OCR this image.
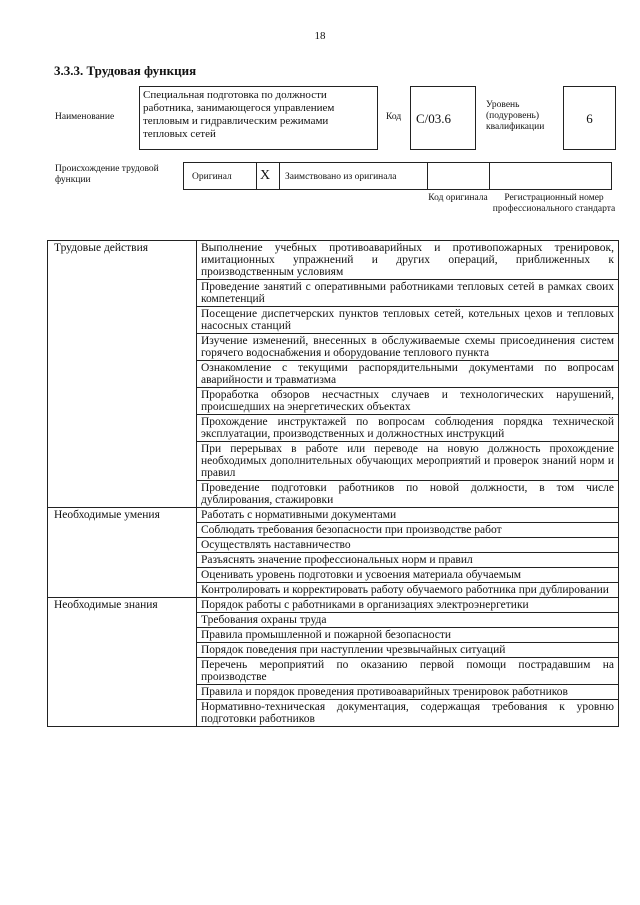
18
3.3.3. Трудовая функция
Наименование
Специальная подготовка по должности работника, занимающегося управлением тепловым и гидравлическим режимами тепловых сетей
Код	C/03.6
Уровень (подуровень) квалификации
6
Происхождение трудовой функции	Оригинал X Заимствовано из оригинала
Код оригинала	Регистрационный номер профессионального стандарта
Трудовые действия	Выполнение учебных противоаварийных и противопожарных тренировок, имитационных упражнений и других операций, приближенных к производственным условиям
	Проведение занятий с оперативными работниками тепловых сетей в рамках своих компетенций
	Посещение диспетчерских пунктов тепловых сетей, котельных цехов и тепловых насосных станций
	Изучение изменений, внесенных в обслуживаемые схемы присоединения систем горячего водоснабжения и оборудование теплового пункта
	Ознакомление с текущими распорядительными документами по вопросам аварийности и травматизма
	Проработка обзоров несчастных случаев и технологических нарушений, происшедших на энергетических объектах
	Прохождение инструктажей по вопросам соблюдения порядка технической эксплуатации, производственных и должностных инструкций
	При перерывах в работе или переводе на новую должность прохождение необходимых дополнительных обучающих мероприятий и проверок знаний норм и правил
	Проведение подготовки работников по новой должности, в том числе дублирования, стажировки
Необходимые умения	Работать с нормативными документами
	Соблюдать требования безопасности при производстве работ
	Осуществлять наставничество
	Разъяснять значение профессиональных норм и правил
	Оценивать уровень подготовки и усвоения материала обучаемым
	Контролировать и корректировать работу обучаемого работника при дублировании
Необходимые знания	Порядок работы с работниками в организациях электроэнергетики
	Требования охраны труда
	Правила промышленной и пожарной безопасности
	Порядок поведения при наступлении чрезвычайных ситуаций
	Перечень мероприятий по оказанию первой помощи пострадавшим на производстве
	Правила и порядок проведения противоаварийных тренировок работников
	Нормативно-техническая документация, содержащая требования к уровню подготовки работников
